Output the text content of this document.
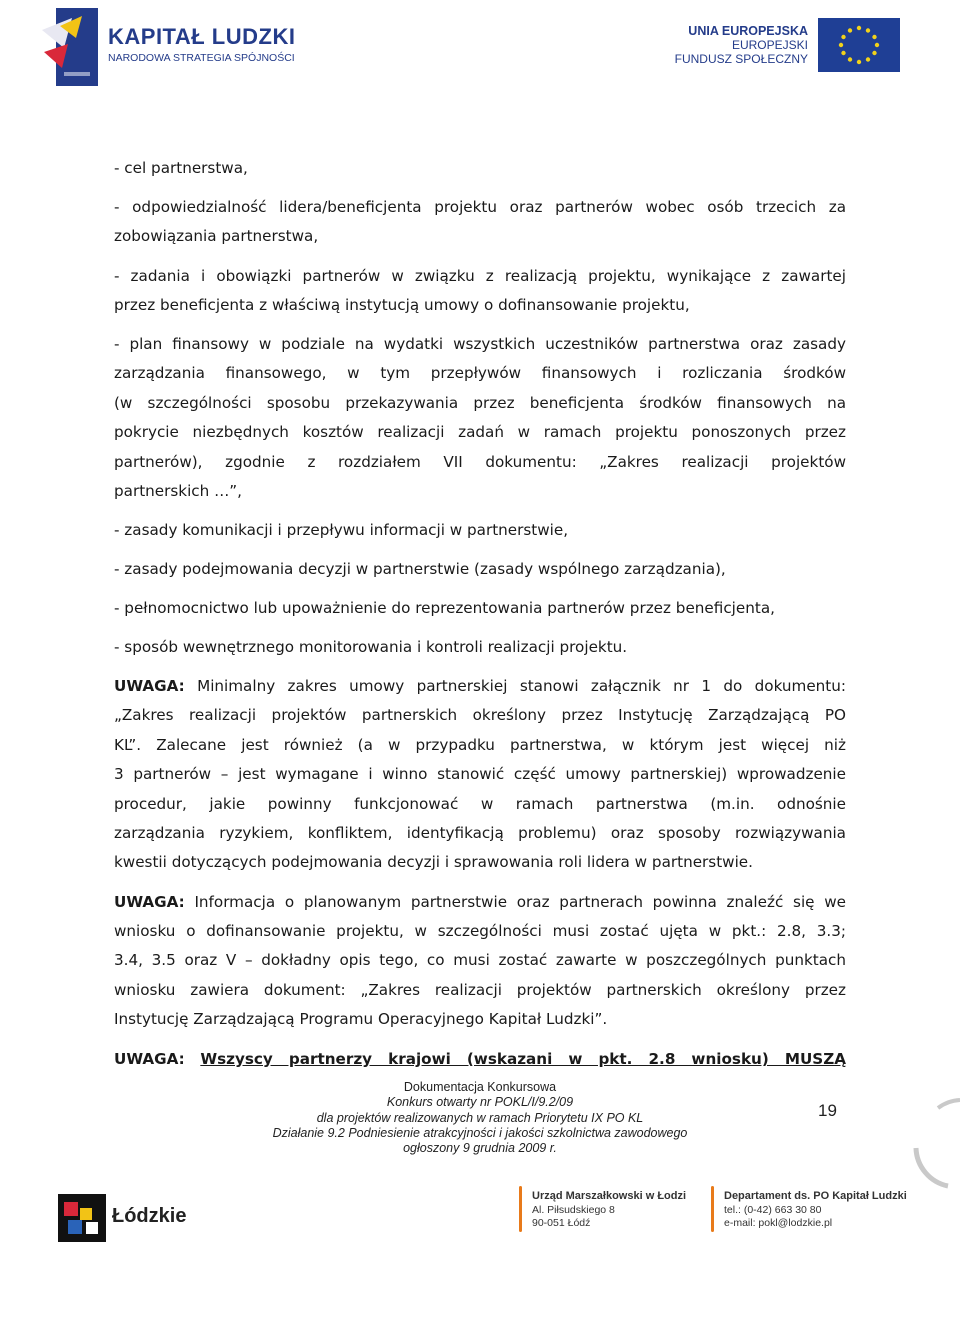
KAPITAŁ LUDZKI
NARODOWA STRATEGIA SPÓJNOŚCI
UNIA EUROPEJSKA
EUROPEJSKI
FUNDUSZ SPOŁECZNY

- cel partnerstwa,

- odpowiedzialność lidera/beneficjenta projektu oraz partnerów wobec osób trzecich za

zobowiązania partnerstwa,

- zadania i obowiązki partnerów w związku z realizacją projektu, wynikające z zawartej

przez beneficjenta z właściwą instytucją umowy o dofinansowanie projektu,

- plan finansowy w podziale na wydatki wszystkich uczestników partnerstwa oraz zasady

zarządzania finansowego, w tym przepływów finansowych i rozliczania środków

(w szczególności sposobu przekazywania przez beneficjenta środków finansowych na

pokrycie niezbędnych kosztów realizacji zadań w ramach projektu ponoszonych przez

partnerów), zgodnie z rozdziałem VII dokumentu: „Zakres realizacji projektów

partnerskich …”,

- zasady komunikacji i przepływu informacji w partnerstwie,

- zasady podejmowania decyzji w partnerstwie (zasady wspólnego zarządzania),

- pełnomocnictwo lub upoważnienie do reprezentowania partnerów przez beneficjenta,

- sposób wewnętrznego monitorowania i kontroli realizacji projektu.

UWAGA: Minimalny zakres umowy partnerskiej stanowi załącznik nr 1 do dokumentu:

„Zakres realizacji projektów partnerskich określony przez Instytucję Zarządzającą PO

KL”. Zalecane jest również (a w przypadku partnerstwa, w którym jest więcej niż

3 partnerów – jest wymagane i winno stanowić część umowy partnerskiej) wprowadzenie

procedur, jakie powinny funkcjonować w ramach partnerstwa (m.in. odnośnie

zarządzania ryzykiem, konfliktem, identyfikacją problemu) oraz sposoby rozwiązywania

kwestii dotyczących podejmowania decyzji i sprawowania roli lidera w partnerstwie.

UWAGA: Informacja o planowanym partnerstwie oraz partnerach powinna znaleźć się we

wniosku o dofinansowanie projektu, w szczególności musi zostać ujęta w pkt.: 2.8, 3.3;

3.4, 3.5 oraz V – dokładny opis tego, co musi zostać zawarte w poszczególnych punktach

wniosku zawiera dokument: „Zakres realizacji projektów partnerskich określony przez

Instytucję Zarządzającą Programu Operacyjnego Kapitał Ludzki”.

UWAGA: Wszyscy partnerzy krajowi (wskazani w pkt. 2.8 wniosku) MUSZĄ

Dokumentacja Konkursowa
Konkurs otwarty nr POKL/I/9.2/09
dla projektów realizowanych w ramach Priorytetu IX PO KL
Działanie 9.2 Podniesienie atrakcyjności i jakości szkolnictwa zawodowego
ogłoszony 9 grudnia 2009 r.
19
Łódzkie
Urząd Marszałkowski w Łodzi
Al. Piłsudskiego 8
90-051 Łódź
Departament ds. PO Kapitał Ludzki
tel.: (0-42) 663 30 80
e-mail: pokl@lodzkie.pl
